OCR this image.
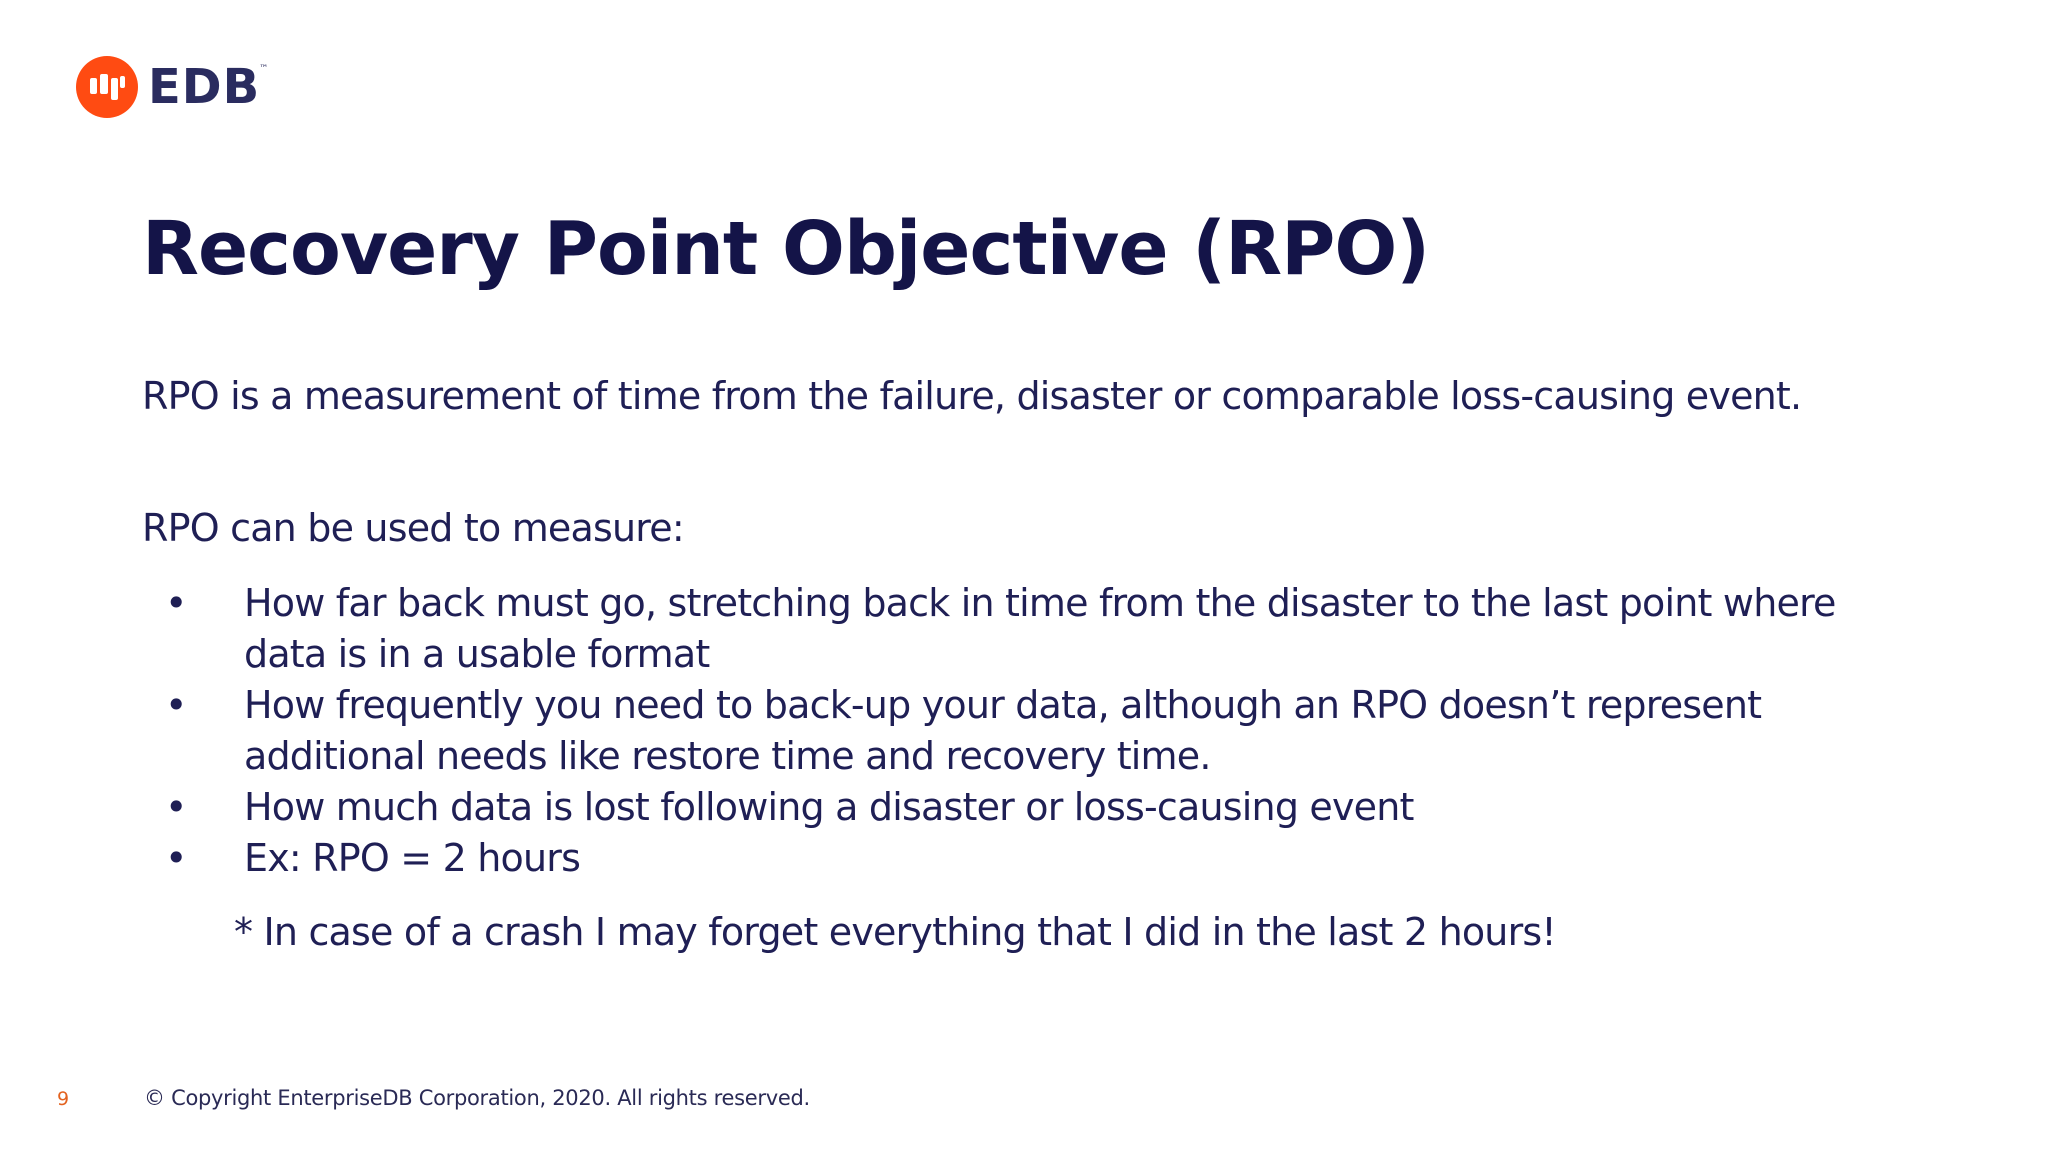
EDB ™
Recovery Point Objective (RPO)
RPO is a measurement of time from the failure, disaster or comparable loss-causing event.
RPO can be used to measure:
• How far back must go, stretching back in time from the disaster to the last point where data is in a usable format
• How frequently you need to back-up your data, although an RPO doesn’t represent additional needs like restore time and recovery time.
• How much data is lost following a disaster or loss-causing event
• Ex: RPO = 2 hours
* In case of a crash I may forget everything that I did in the last 2 hours!
9	© Copyright EnterpriseDB Corporation, 2020. All rights reserved.
